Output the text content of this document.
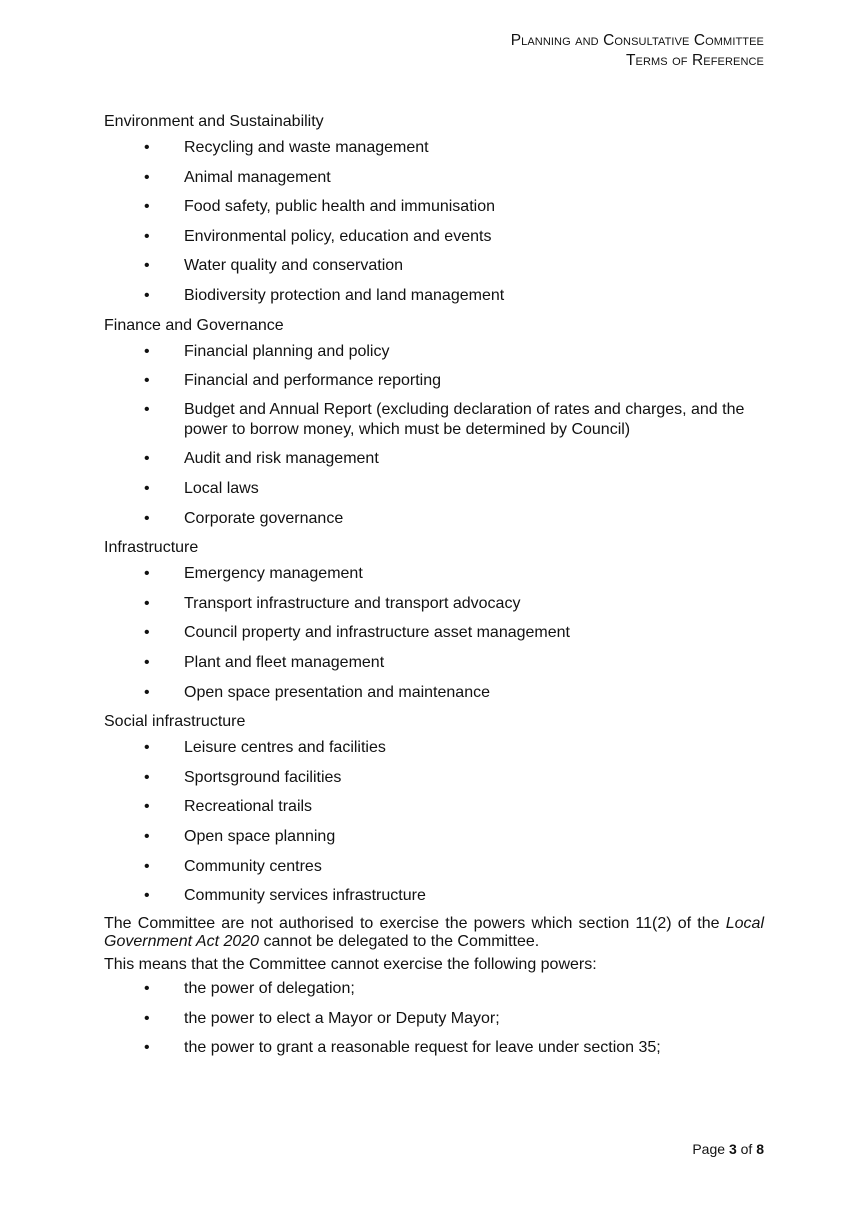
Planning and Consultative Committee
Terms of Reference
Environment and Sustainability
• Recycling and waste management
• Animal management
• Food safety, public health and immunisation
• Environmental policy, education and events
• Water quality and conservation
• Biodiversity protection and land management
Finance and Governance
• Financial planning and policy
• Financial and performance reporting
• Budget and Annual Report (excluding declaration of rates and charges, and the power to borrow money, which must be determined by Council)
• Audit and risk management
• Local laws
• Corporate governance
Infrastructure
• Emergency management
• Transport infrastructure and transport advocacy
• Council property and infrastructure asset management
• Plant and fleet management
• Open space presentation and maintenance
Social infrastructure
• Leisure centres and facilities
• Sportsground facilities
• Recreational trails
• Open space planning
• Community centres
• Community services infrastructure

The Committee are not authorised to exercise the powers which section 11(2) of the Local Government Act 2020 cannot be delegated to the Committee.

This means that the Committee cannot exercise the following powers:

• the power of delegation;
• the power to elect a Mayor or Deputy Mayor;
• the power to grant a reasonable request for leave under section 35;
Page 3 of 8
